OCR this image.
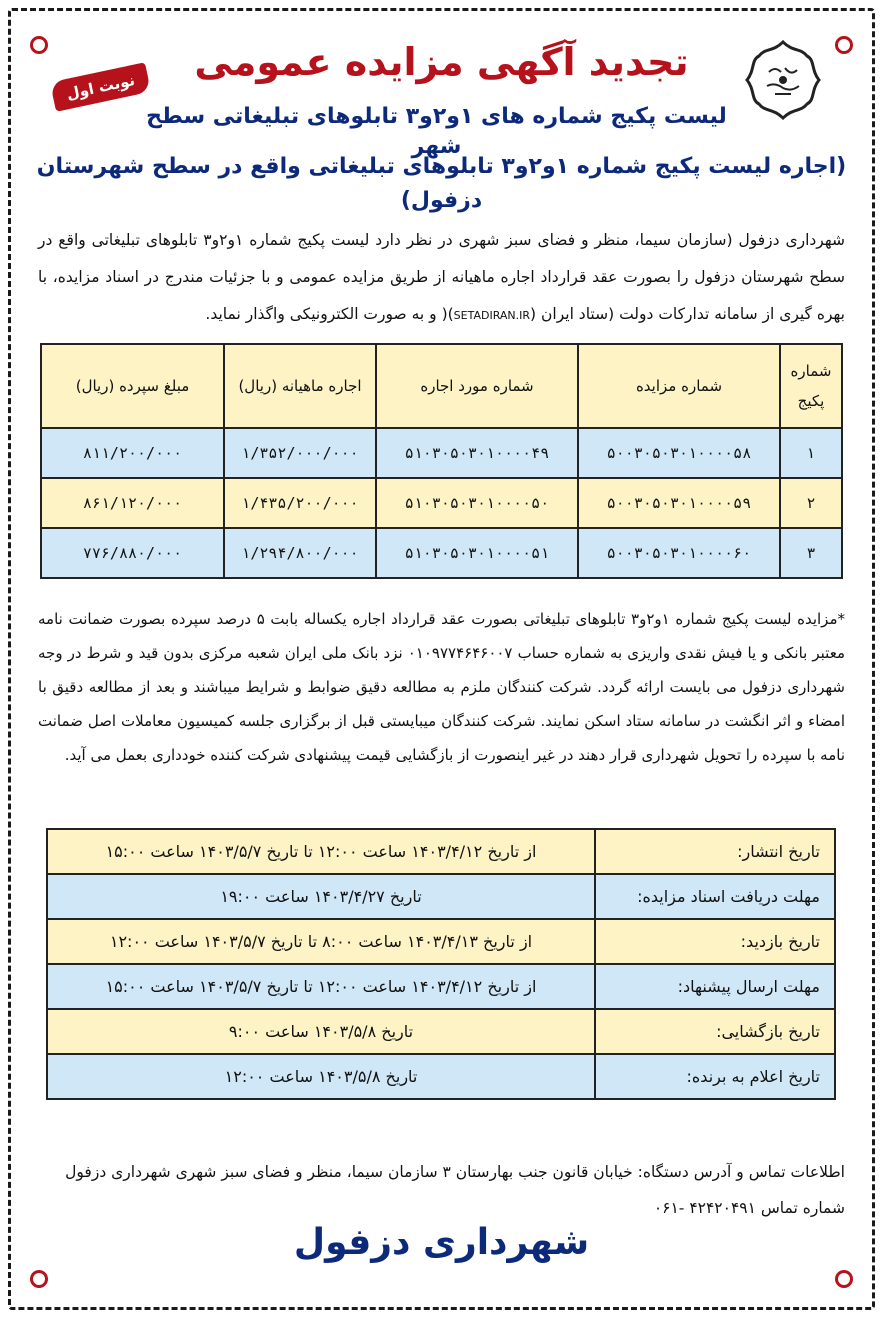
نوبت اول
تجدید آگهی مزایده عمومی
لیست پکیج شماره های ۱و۲و۳ تابلوهای تبلیغاتی سطح شهر
(اجاره لیست پکیج شماره ۱و۲و۳ تابلوهای تبلیغاتی واقع در سطح شهرستان دزفول)
شهرداری دزفول (سازمان سیما، منظر و فضای سبز شهری در نظر دارد لیست پکیج شماره ۱و۲و۳ تابلوهای تبلیغاتی واقع در سطح شهرستان دزفول را بصورت عقد قرارداد اجاره ماهیانه از طریق مزایده عمومی و با جزئیات مندرج در اسناد مزایده، با بهره گیری از سامانه تدارکات دولت (ستاد ایران (SETADIRAN.IR)( و به صورت الکترونیکی واگذار نماید.
شماره پکیج	شماره مزایده	شماره مورد اجاره	اجاره ماهیانه (ریال)	مبلغ سپرده (ریال)
۱	۵۰۰۳۰۵۰۳۰۱۰۰۰۰۵۸	۵۱۰۳۰۵۰۳۰۱۰۰۰۰۴۹	۱/۳۵۲/۰۰۰/۰۰۰	۸۱۱/۲۰۰/۰۰۰
۲	۵۰۰۳۰۵۰۳۰۱۰۰۰۰۵۹	۵۱۰۳۰۵۰۳۰۱۰۰۰۰۵۰	۱/۴۳۵/۲۰۰/۰۰۰	۸۶۱/۱۲۰/۰۰۰
۳	۵۰۰۳۰۵۰۳۰۱۰۰۰۰۶۰	۵۱۰۳۰۵۰۳۰۱۰۰۰۰۵۱	۱/۲۹۴/۸۰۰/۰۰۰	۷۷۶/۸۸۰/۰۰۰
*مزایده لیست پکیج شماره ۱و۲و۳ تابلوهای تبلیغاتی بصورت عقد قرارداد اجاره یکساله بابت ۵ درصد سپرده بصورت ضمانت نامه معتبر بانکی و یا فیش نقدی واریزی به شماره حساب ۰۱۰۹۷۷۴۶۴۶۰۰۷ نزد بانک ملی ایران شعبه مرکزی بدون قید و شرط در وجه شهرداری دزفول می بایست ارائه گردد. شرکت کنندگان ملزم به مطالعه دقیق ضوابط و شرایط میباشند و بعد از مطالعه دقیق با امضاء و اثر انگشت در سامانه ستاد اسکن نمایند. شرکت کنندگان میبایستی قبل از برگزاری جلسه کمیسیون معاملات اصل ضمانت نامه با سپرده را تحویل شهرداری قرار دهند در غیر اینصورت از بازگشایی قیمت پیشنهادی شرکت کننده خودداری بعمل می آید.
تاریخ انتشار:	از تاریخ ۱۴۰۳/۴/۱۲ ساعت ۱۲:۰۰ تا تاریخ ۱۴۰۳/۵/۷ ساعت ۱۵:۰۰
مهلت دریافت اسناد مزایده:	تاریخ ۱۴۰۳/۴/۲۷ ساعت ۱۹:۰۰
تاریخ بازدید:	از تاریخ ۱۴۰۳/۴/۱۳ ساعت ۸:۰۰ تا تاریخ ۱۴۰۳/۵/۷ ساعت ۱۲:۰۰
مهلت ارسال پیشنهاد:	از تاریخ ۱۴۰۳/۴/۱۲ ساعت ۱۲:۰۰ تا تاریخ ۱۴۰۳/۵/۷ ساعت ۱۵:۰۰
تاریخ بازگشایی:	تاریخ ۱۴۰۳/۵/۸ ساعت ۹:۰۰
تاریخ اعلام به برنده:	تاریخ ۱۴۰۳/۵/۸ ساعت ۱۲:۰۰
اطلاعات تماس و آدرس دستگاه: خیابان قانون جنب بهارستان ۳ سازمان سیما، منظر و فضای سبز شهری شهرداری دزفول شماره تماس ۴۲۴۲۰۴۹۱ -۰۶۱
شهرداری دزفول
